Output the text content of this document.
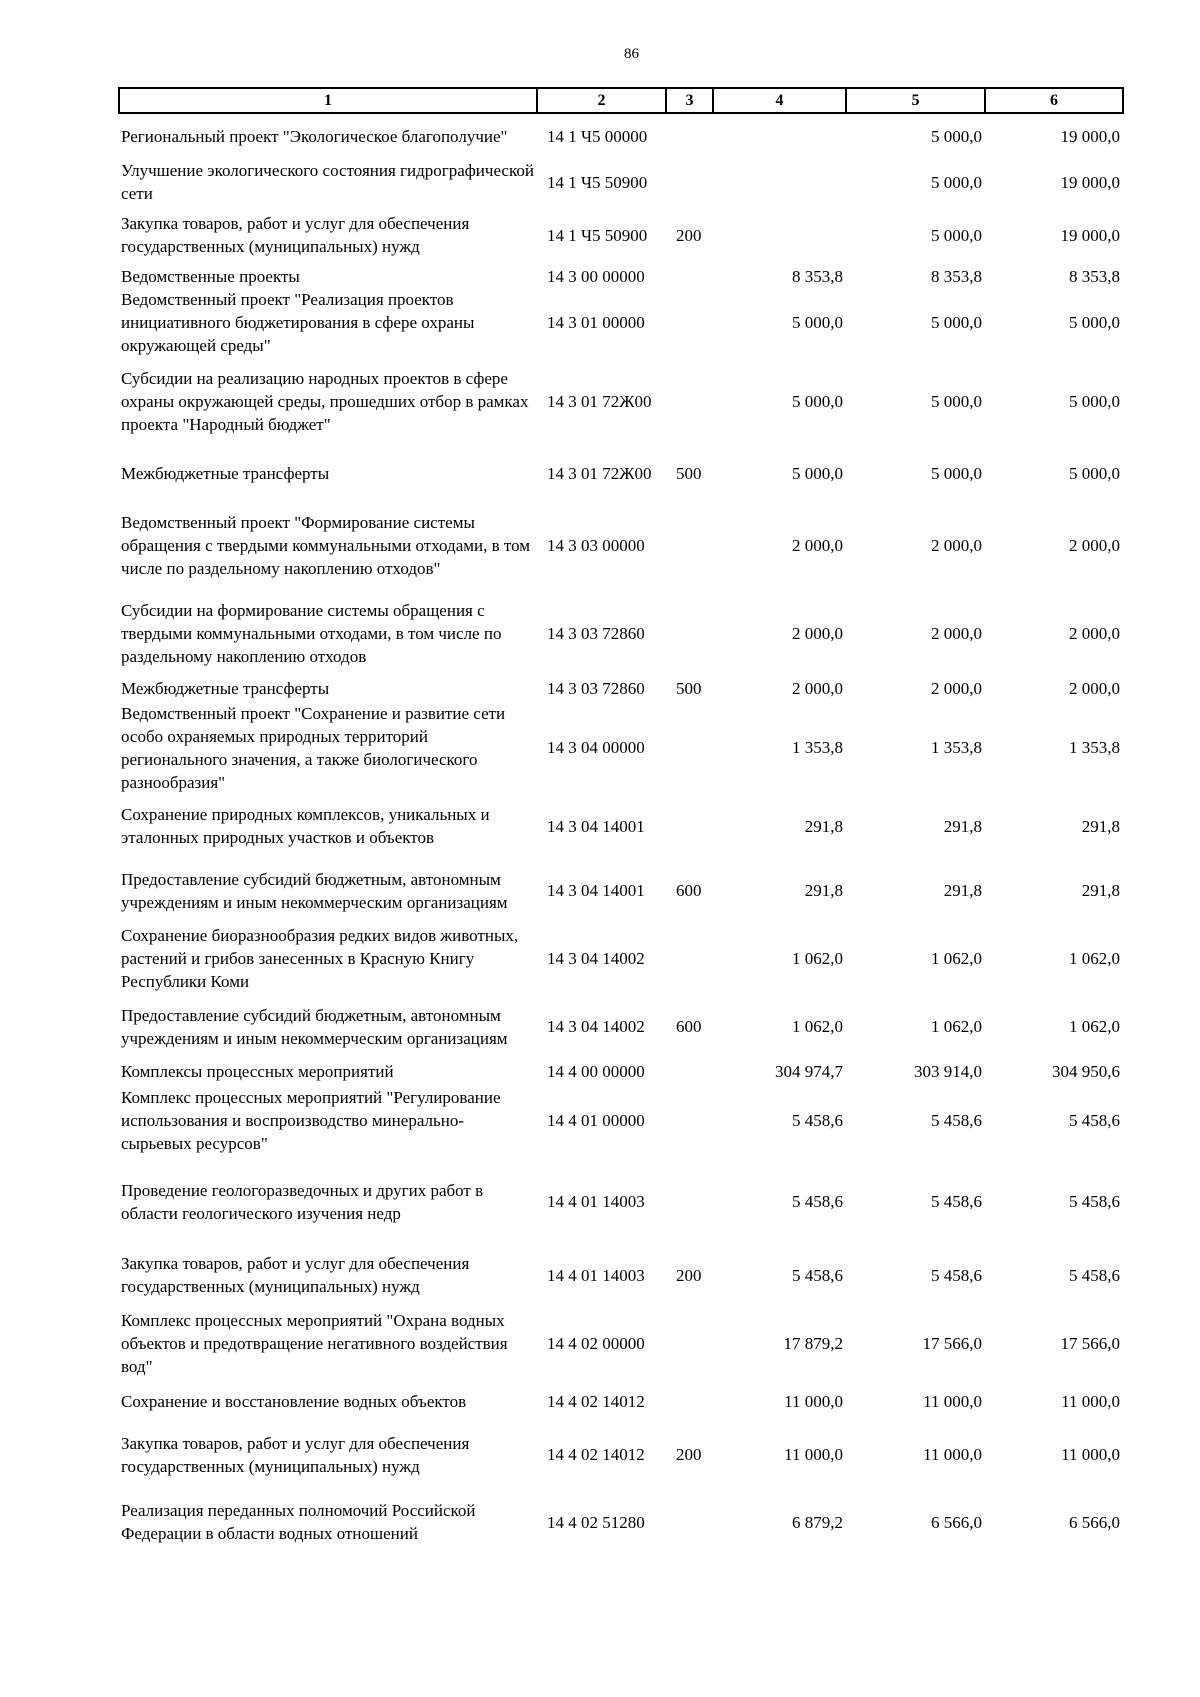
86
1	2	3	4	5	6
Региональный проект "Экологическое благополучие"	14 1 Ч5 00000			5 000,0	19 000,0
Улучшение экологического состояния гидрографической сети	14 1 Ч5 50900			5 000,0	19 000,0
Закупка товаров, работ и услуг для обеспечения государственных (муниципальных) нужд	14 1 Ч5 50900	200		5 000,0	19 000,0
Ведомственные проекты	14 3 00 00000		8 353,8	8 353,8	8 353,8
Ведомственный проект "Реализация проектов инициативного бюджетирования в сфере охраны окружающей среды"	14 3 01 00000		5 000,0	5 000,0	5 000,0
Субсидии на реализацию народных проектов в сфере охраны окружающей среды, прошедших отбор в рамках проекта "Народный бюджет"	14 3 01 72Ж00		5 000,0	5 000,0	5 000,0
Межбюджетные трансферты	14 3 01 72Ж00	500	5 000,0	5 000,0	5 000,0
Ведомственный проект "Формирование системы обращения с твердыми коммунальными отходами, в том числе по раздельному накоплению отходов"	14 3 03 00000		2 000,0	2 000,0	2 000,0
Субсидии на формирование системы обращения с твердыми коммунальными отходами, в том числе по раздельному накоплению отходов	14 3 03 72860		2 000,0	2 000,0	2 000,0
Межбюджетные трансферты	14 3 03 72860	500	2 000,0	2 000,0	2 000,0
Ведомственный проект "Сохранение и развитие сети особо охраняемых природных территорий регионального значения, а также биологического разнообразия"	14 3 04 00000		1 353,8	1 353,8	1 353,8
Сохранение природных комплексов, уникальных и эталонных природных участков и объектов	14 3 04 14001		291,8	291,8	291,8
Предоставление субсидий бюджетным, автономным учреждениям и иным некоммерческим организациям	14 3 04 14001	600	291,8	291,8	291,8
Сохранение биоразнообразия редких видов животных, растений и грибов занесенных в Красную Книгу Республики Коми	14 3 04 14002		1 062,0	1 062,0	1 062,0
Предоставление субсидий бюджетным, автономным учреждениям и иным некоммерческим организациям	14 3 04 14002	600	1 062,0	1 062,0	1 062,0
Комплексы процессных мероприятий	14 4 00 00000		304 974,7	303 914,0	304 950,6
Комплекс процессных мероприятий "Регулирование использования и воспроизводство минерально-сырьевых ресурсов"	14 4 01 00000		5 458,6	5 458,6	5 458,6
Проведение геологоразведочных и других работ в области геологического изучения недр	14 4 01 14003		5 458,6	5 458,6	5 458,6
Закупка товаров, работ и услуг для обеспечения государственных (муниципальных) нужд	14 4 01 14003	200	5 458,6	5 458,6	5 458,6
Комплекс процессных мероприятий "Охрана водных объектов и предотвращение негативного воздействия вод"	14 4 02 00000		17 879,2	17 566,0	17 566,0
Сохранение и восстановление водных объектов	14 4 02 14012		11 000,0	11 000,0	11 000,0
Закупка товаров, работ и услуг для обеспечения государственных (муниципальных) нужд	14 4 02 14012	200	11 000,0	11 000,0	11 000,0
Реализация переданных полномочий Российской Федерации в области водных отношений	14 4 02 51280		6 879,2	6 566,0	6 566,0
